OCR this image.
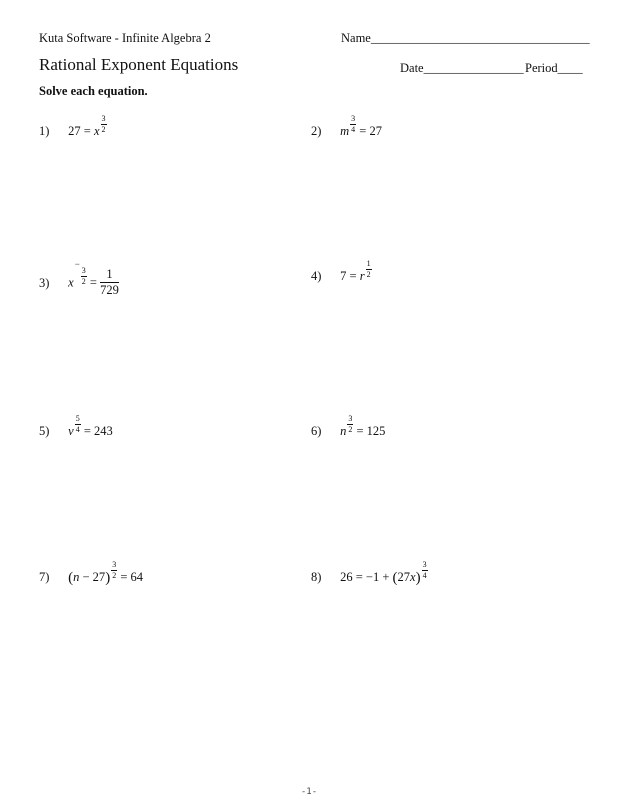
Kuta Software - Infinite Algebra 2	Name___________________________________
Rational Exponent Equations	Date________________ Period____
Solve each equation.
1) 27 = x $\frac{3}{2}$	2) m $\frac{3}{4} = 27$
3) x−
$\frac{3}{2} = \frac{1}{729}$	4) 7 = r $\frac{1}{2}$
5) v $\frac{5}{4} = 243$	6) n $\frac{3}{2} = 125$
7) $(n - 27) \frac{3}{2} = 64$	8) $26 = -1 + (27x) \frac{3}{4}$
-1-
